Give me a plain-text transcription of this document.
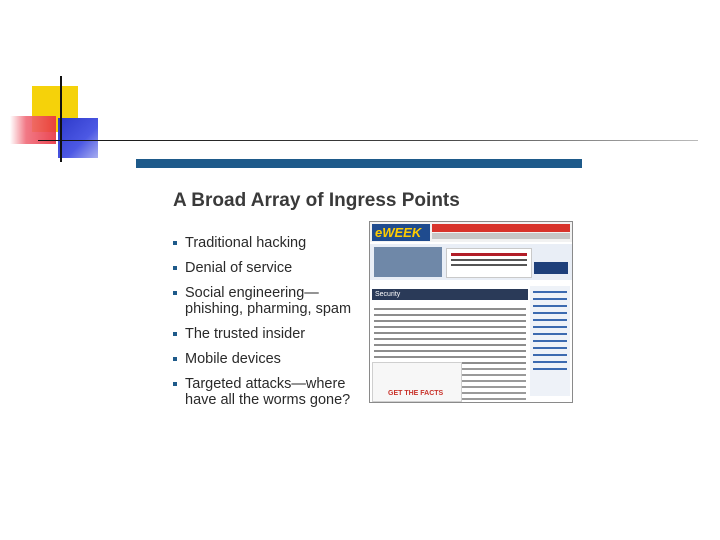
A Broad Array of Ingress Points
Traditional hacking
Denial of service
Social engineering—phishing, pharming, spam
The trusted insider
Mobile devices
Targeted attacks—where have all the worms gone?
eWEEK
Security
GET THE FACTS
